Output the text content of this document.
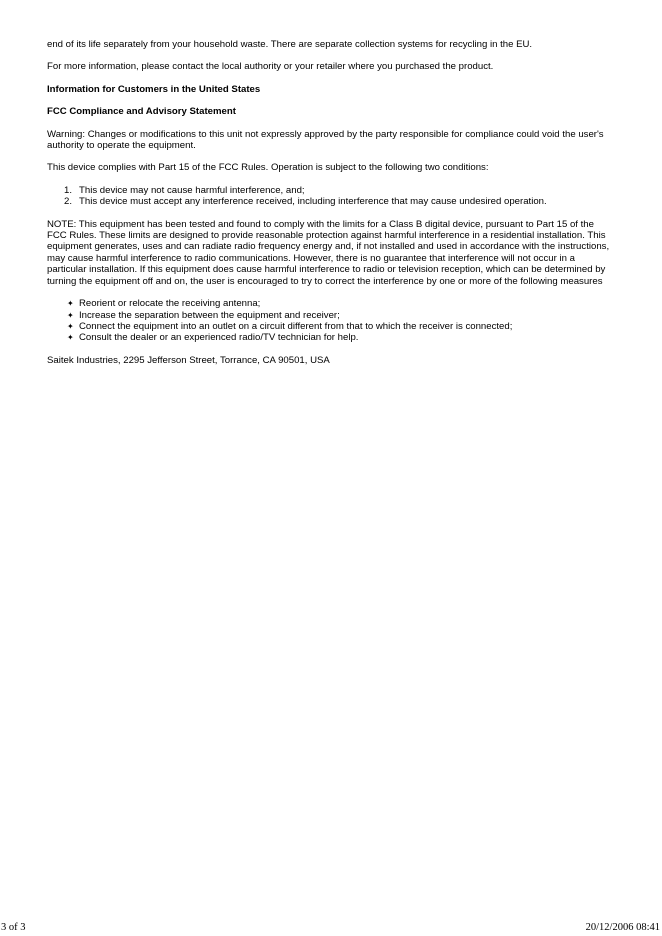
end of its life separately from your household waste. There are separate collection systems for recycling in the EU.

For more information, please contact the local authority or your retailer where you purchased the product.

Information for Customers in the United States

FCC Compliance and Advisory Statement

Warning: Changes or modifications to this unit not expressly approved by the party responsible for compliance could void the user's authority to operate the equipment.

This device complies with Part 15 of the FCC Rules. Operation is subject to the following two conditions:

1. This device may not cause harmful interference, and;
2. This device must accept any interference received, including interference that may cause undesired operation.

NOTE: This equipment has been tested and found to comply with the limits for a Class B digital device, pursuant to Part 15 of the FCC Rules. These limits are designed to provide reasonable protection against harmful interference in a residential installation. This equipment generates, uses and can radiate radio frequency energy and, if not installed and used in accordance with the instructions, may cause harmful interference to radio communications. However, there is no guarantee that interference will not occur in a particular installation. If this equipment does cause harmful interference to radio or television reception, which can be determined by turning the equipment off and on, the user is encouraged to try to correct the interference by one or more of the following measures

✦ Reorient or relocate the receiving antenna;
✦ Increase the separation between the equipment and receiver;
✦ Connect the equipment into an outlet on a circuit different from that to which the receiver is connected;
✦ Consult the dealer or an experienced radio/TV technician for help.

Saitek Industries, 2295 Jefferson Street, Torrance, CA 90501, USA

3 of 3	20/12/2006 08:41
